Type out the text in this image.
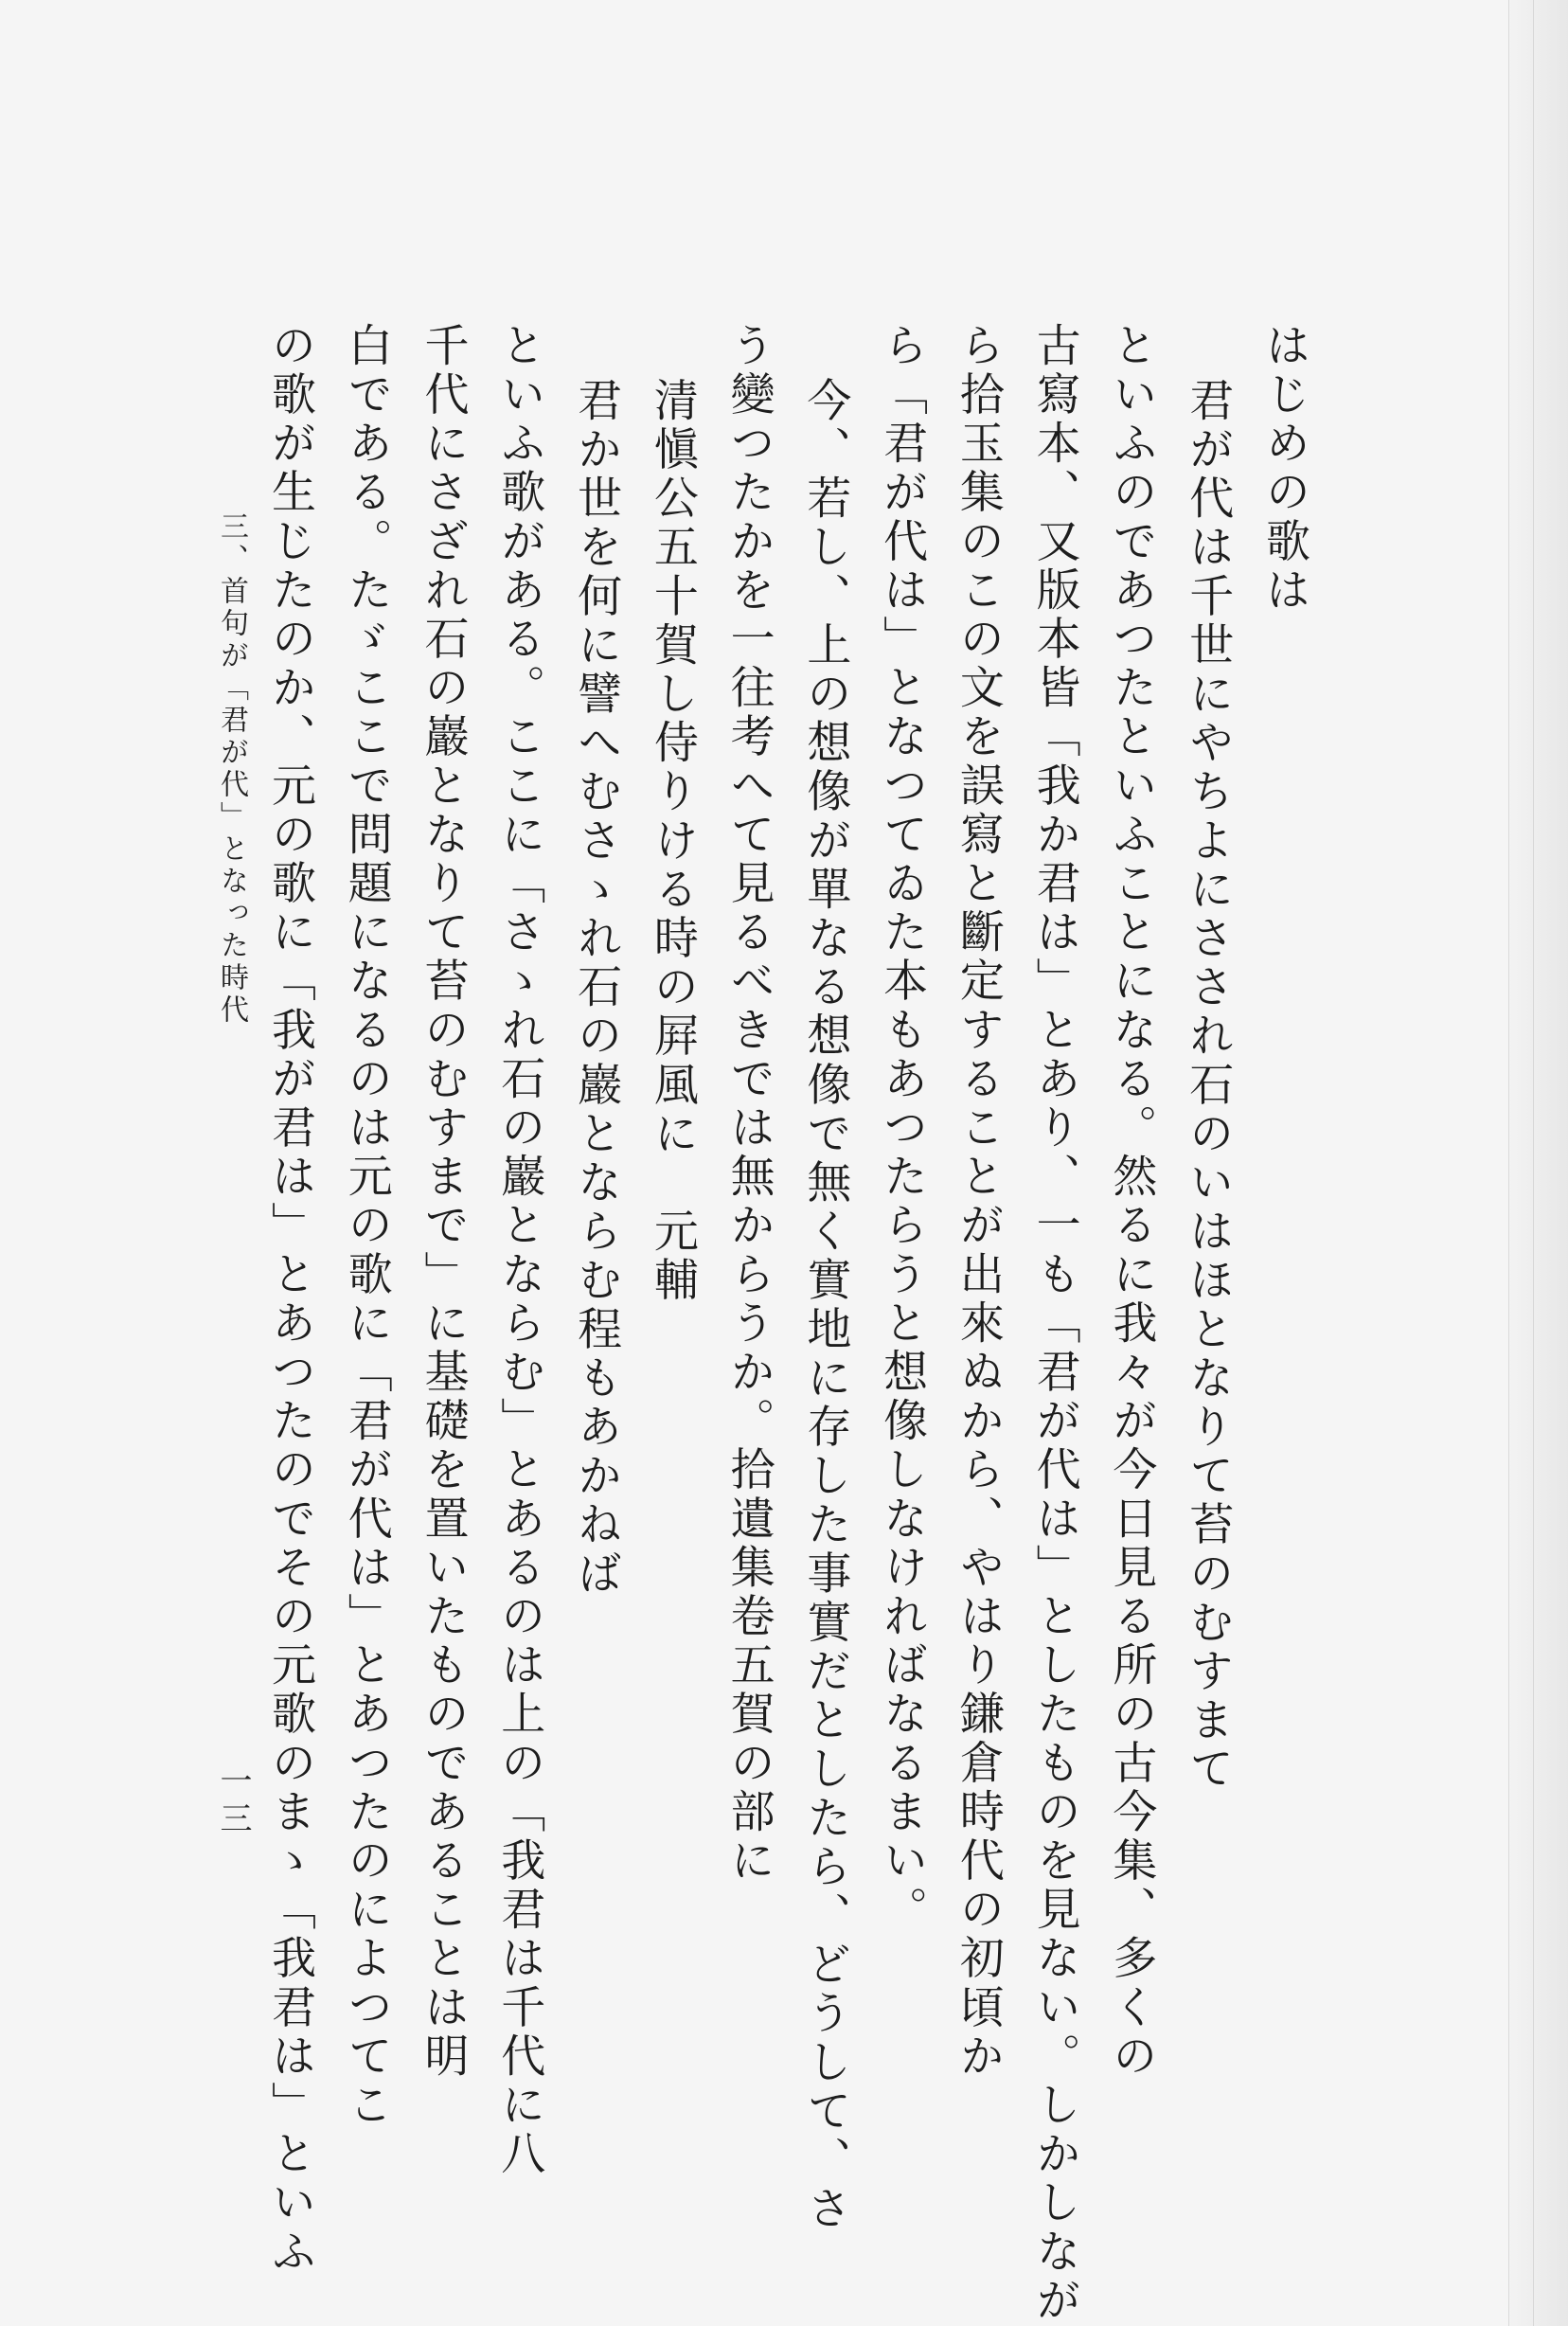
はじめの歌は
君が代は千世にやちよにさされ石のいはほとなりて苔のむすまて
といふのであつたといふことになる。然るに我々が今日見る所の古今集、多くの
古寫本、又版本皆「我か君は」とあり、一も「君が代は」としたものを見ない。しかしなが
ら拾玉集のこの文を誤寫と斷定することが出來ぬから、やはり鎌倉時代の初頃か
ら「君が代は」となつてゐた本もあつたらうと想像しなければなるまい。
今、若し、上の想像が單なる想像で無く實地に存した事實だとしたら、どうして、さ
う變つたかを一往考へて見るべきでは無からうか。拾遺集卷五賀の部に
清愼公五十賀し侍りける時の屛風に　元輔
君か世を何に譬へむさゝれ石の巖とならむ程もあかねば
といふ歌がある。ここに「さゝれ石の巖とならむ」とあるのは上の「我君は千代に八
千代にさざれ石の巖となりて苔のむすまで」に基礎を置いたものであることは明
白である。たゞここで問題になるのは元の歌に「君が代は」とあつたのによつてこ
の歌が生じたのか、元の歌に「我が君は」とあつたのでその元歌のまゝ「我君は」といふ
三、首句が「君が代」となった時代
一三
